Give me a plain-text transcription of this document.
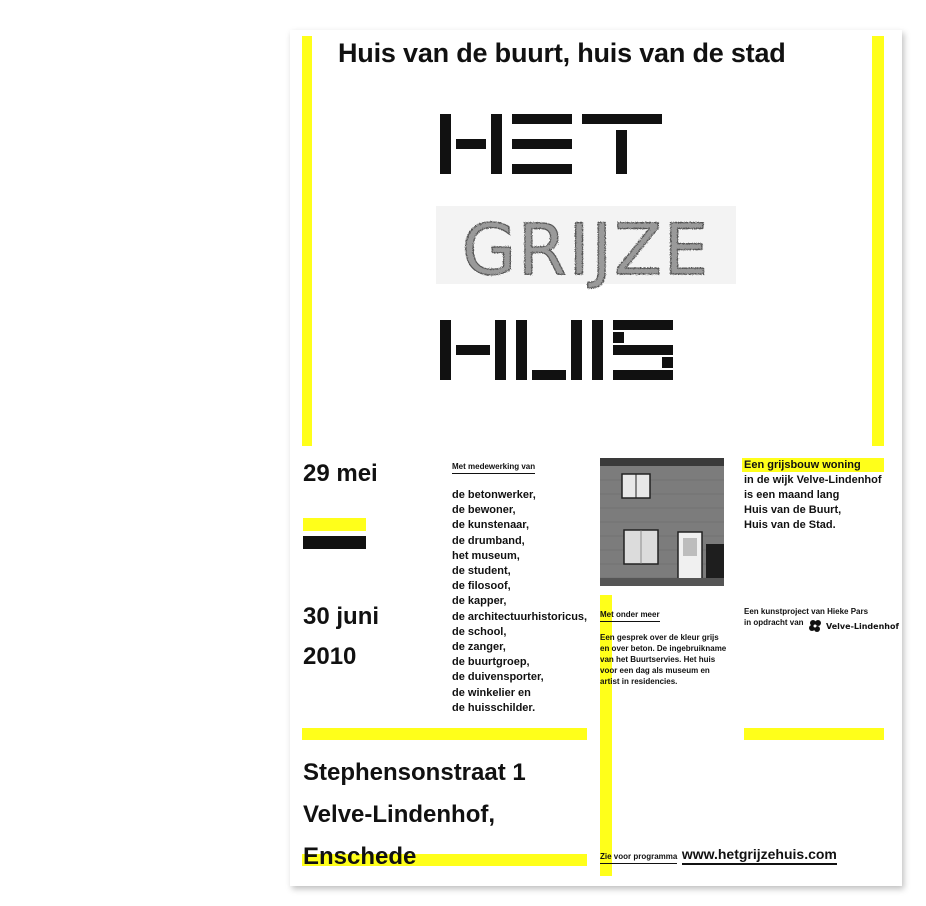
Huis van de buurt, huis van de stad
GRIJZE
29 mei
30 juni
2010
Met medewerking van
de betonwerker,
de bewoner,
de kunstenaar,
de drumband,
het museum,
de student,
de filosoof,
de kapper,
de architectuurhistoricus,
de school,
de zanger,
de buurtgroep,
de duivensporter,
de winkelier en
de huisschilder.
Een grijsbouw woning
in de wijk Velve-Lindenhof
is een maand lang
Huis van de Buurt,
Huis van de Stad.
Met onder meer
Een gesprek over de kleur grijs
en over beton. De ingebruikname
van het Buurtservies. Het huis
voor een dag als museum en
artist in residencies.
Een kunstproject van Hieke Pars
in opdracht van	Velve-Lindenhof
Stephensonstraat 1
Velve-Lindenhof,
Enschede	Zie voor programma www.hetgrijzehuis.com
